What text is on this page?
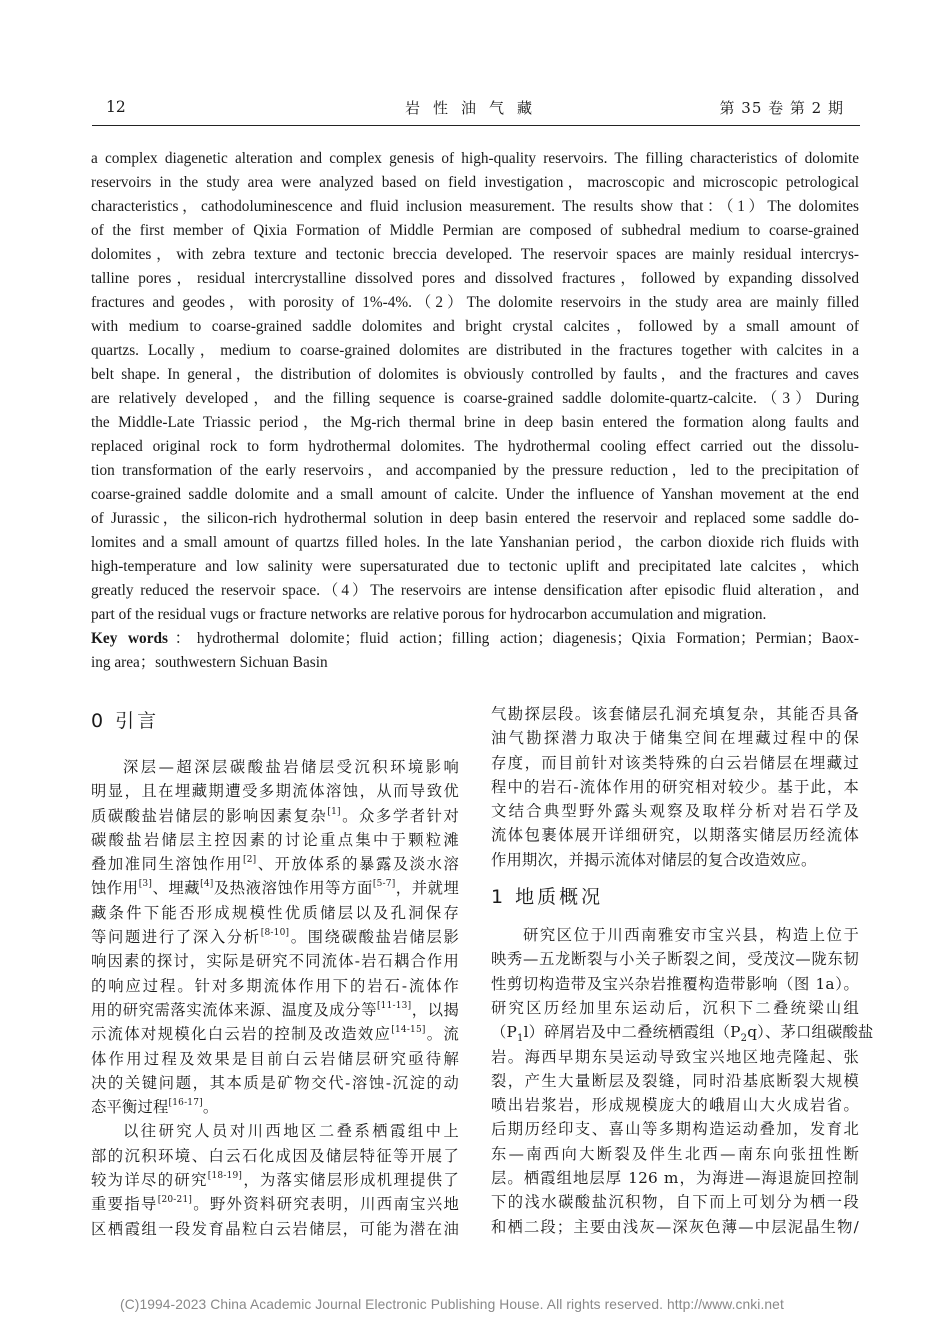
12	岩性油气藏	第 35 卷 第 2 期
a complex diagenetic alteration and complex genesis of high-quality reservoirs. The filling characteristics of dolomite
reservoirs in the study area were analyzed based on field investigation，macroscopic and microscopic petrological
characteristics，cathodoluminescence and fluid inclusion measurement. The results show that：（1）The dolomites
of the first member of Qixia Formation of Middle Permian are composed of subhedral medium to coarse-grained
dolomites，with zebra texture and tectonic breccia developed. The reservoir spaces are mainly residual intercrys-
talline pores，residual intercrystalline dissolved pores and dissolved fractures，followed by expanding dissolved
fractures and geodes，with porosity of 1%-4%.（2）The dolomite reservoirs in the study area are mainly filled
with medium to coarse-grained saddle dolomites and bright crystal calcites，followed by a small amount of
quartzs. Locally，medium to coarse-grained dolomites are distributed in the fractures together with calcites in a
belt shape. In general，the distribution of dolomites is obviously controlled by faults，and the fractures and caves
are relatively developed，and the filling sequence is coarse-grained saddle dolomite-quartz-calcite.（3）During
the Middle-Late Triassic period，the Mg-rich thermal brine in deep basin entered the formation along faults and
replaced original rock to form hydrothermal dolomites. The hydrothermal cooling effect carried out the dissolu-
tion transformation of the early reservoirs，and accompanied by the pressure reduction，led to the precipitation of
coarse-grained saddle dolomite and a small amount of calcite. Under the influence of Yanshan movement at the end
of Jurassic，the silicon-rich hydrothermal solution in deep basin entered the reservoir and replaced some saddle do-
lomites and a small amount of quartzs filled holes. In the late Yanshanian period，the carbon dioxide rich fluids with
high-temperature and low salinity were supersaturated due to tectonic uplift and precipitated late calcites，which
greatly reduced the reservoir space.（4）The reservoirs are intense densification after episodic fluid alteration，and
part of the residual vugs or fracture networks are relative porous for hydrocarbon accumulation and migration.
Key words：hydrothermal dolomite；fluid action；filling action；diagenesis；Qixia Formation；Permian；Baox-
ing area；southwestern Sichuan Basin
0 引言
深层—超深层碳酸盐岩储层受沉积环境影响
明显，且在埋藏期遭受多期流体溶蚀，从而导致优
质碳酸盐岩储层的影响因素复杂[1]。众多学者针对
碳酸盐岩储层主控因素的讨论重点集中于颗粒滩
叠加准同生溶蚀作用[2]、开放体系的暴露及淡水溶
蚀作用[3]、埋藏[4]及热液溶蚀作用等方面[5-7]，并就埋
藏条件下能否形成规模性优质储层以及孔洞保存
等问题进行了深入分析[8-10]。围绕碳酸盐岩储层影
响因素的探讨，实际是研究不同流体-岩石耦合作用
的响应过程。针对多期流体作用下的岩石-流体作
用的研究需落实流体来源、温度及成分等[11-13]，以揭
示流体对规模化白云岩的控制及改造效应[14-15]。流
体作用过程及效果是目前白云岩储层研究亟待解
决的关键问题，其本质是矿物交代-溶蚀-沉淀的动
态平衡过程[16-17]。
以往研究人员对川西地区二叠系栖霞组中上
部的沉积环境、白云石化成因及储层特征等开展了
较为详尽的研究[18-19]，为落实储层形成机理提供了
重要指导[20-21]。野外资料研究表明，川西南宝兴地
区栖霞组一段发育晶粒白云岩储层，可能为潜在油
气勘探层段。该套储层孔洞充填复杂，其能否具备
油气勘探潜力取决于储集空间在埋藏过程中的保
存度，而目前针对该类特殊的白云岩储层在埋藏过
程中的岩石-流体作用的研究相对较少。基于此，本
文结合典型野外露头观察及取样分析对岩石学及
流体包裹体展开详细研究，以期落实储层历经流体
作用期次，并揭示流体对储层的复合改造效应。
1 地质概况
研究区位于川西南雅安市宝兴县，构造上位于
映秀—五龙断裂与小关子断裂之间，受茂汶—陇东韧
性剪切构造带及宝兴杂岩推覆构造带影响（图 1a）。
研究区历经加里东运动后，沉积下二叠统梁山组
$(P_1l)$碎屑岩及中二叠统栖霞组$(P_2q)$、茅口组碳酸盐
岩。海西早期东吴运动导致宝兴地区地壳隆起、张
裂，产生大量断层及裂缝，同时沿基底断裂大规模
喷出岩浆岩，形成规模庞大的峨眉山大火成岩省。
后期历经印支、喜山等多期构造运动叠加，发育北
东—南西向大断裂及伴生北西—南东向张扭性断
层。栖霞组地层厚 126 m，为海进—海退旋回控制
下的浅水碳酸盐沉积物，自下而上可划分为栖一段
和栖二段；主要由浅灰—深灰色薄—中层泥晶生物/
(C)1994-2023 China Academic Journal Electronic Publishing House. All rights reserved. http://www.cnki.net
